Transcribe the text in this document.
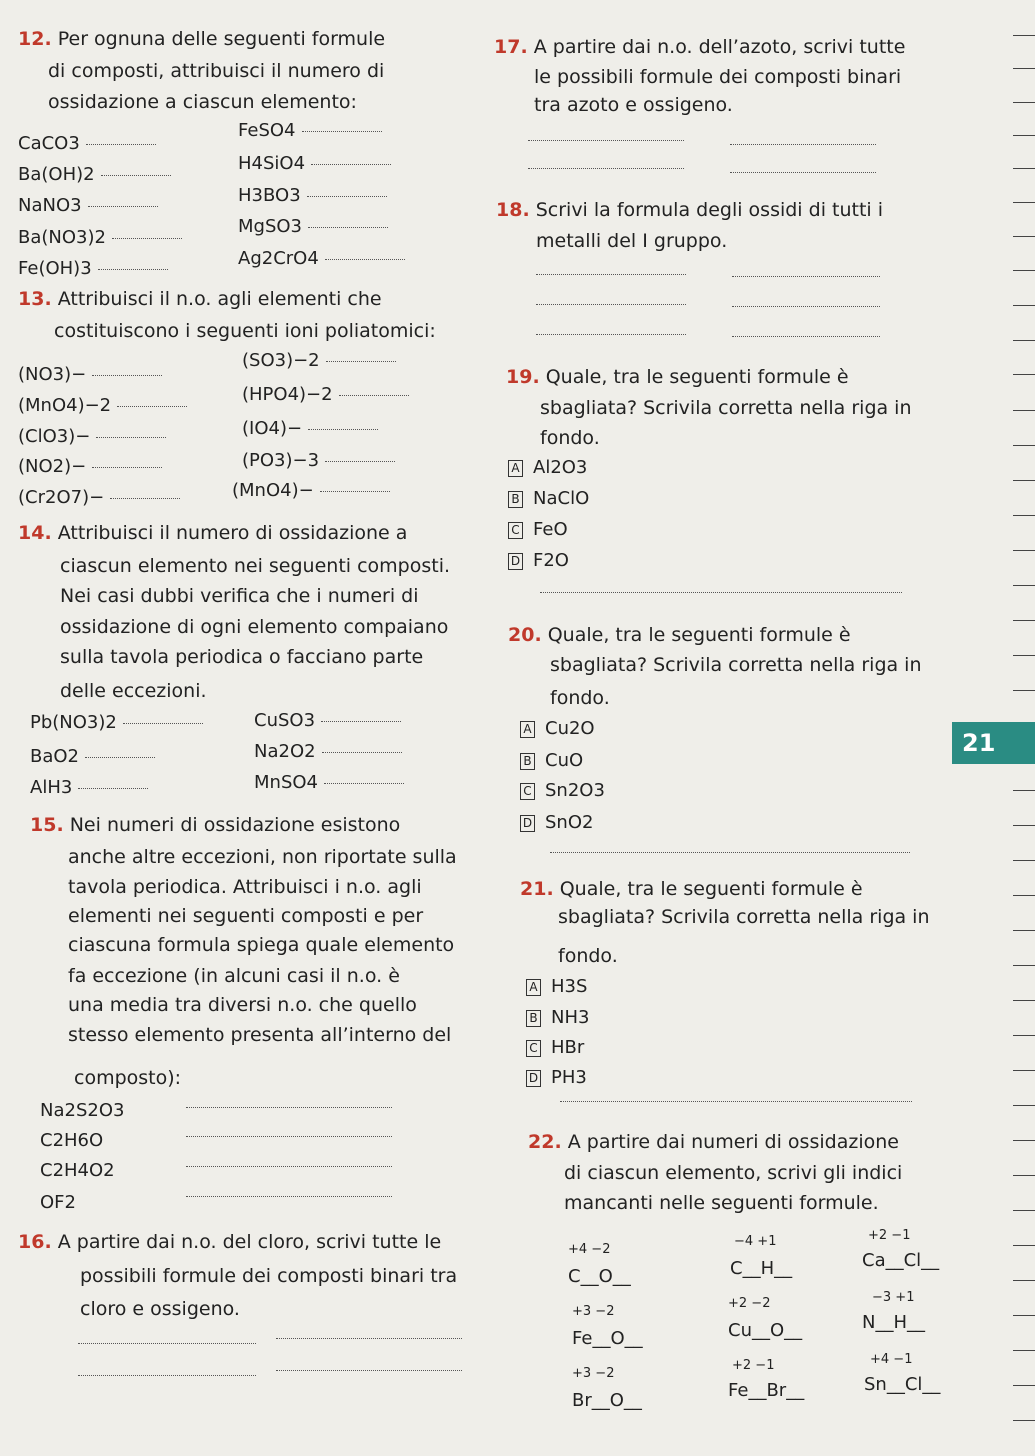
21
12. Per ognuna delle seguenti formule
di composti, attribuisci il numero di
ossidazione a ciascun elemento:
CaCO3
Ba(OH)2
NaNO3
Ba(NO3)2
Fe(OH)3
FeSO4
H4SiO4
H3BO3
MgSO3
Ag2CrO4
13. Attribuisci il n.o. agli elementi che
costituiscono i seguenti ioni poliatomici:
(NO3)−
(MnO4)−2
(ClO3)−
(NO2)−
(Cr2O7)−
(SO3)−2
(HPO4)−2
(IO4)−
(PO3)−3
(MnO4)−
14. Attribuisci il numero di ossidazione a
ciascun elemento nei seguenti composti.
Nei casi dubbi verifica che i numeri di
ossidazione di ogni elemento compaiano
sulla tavola periodica o facciano parte
delle eccezioni.
Pb(NO3)2
BaO2
AlH3
CuSO3
Na2O2
MnSO4
15. Nei numeri di ossidazione esistono
anche altre eccezioni, non riportate sulla
tavola periodica. Attribuisci i n.o. agli
elementi nei seguenti composti e per
ciascuna formula spiega quale elemento
fa eccezione (in alcuni casi il n.o. è
una media tra diversi n.o. che quello
stesso elemento presenta all’interno del
composto):
Na2S2O3
C2H6O
C2H4O2
OF2
16. A partire dai n.o. del cloro, scrivi tutte le
possibili formule dei composti binari tra
cloro e ossigeno.
17. A partire dai n.o. dell’azoto, scrivi tutte
le possibili formule dei composti binari
tra azoto e ossigeno.
18. Scrivi la formula degli ossidi di tutti i
metalli del I gruppo.
19. Quale, tra le seguenti formule è
sbagliata? Scrivila corretta nella riga in
fondo.
A Al2O3
B NaClO
C FeO
D F2O
20. Quale, tra le seguenti formule è
sbagliata? Scrivila corretta nella riga in
fondo.
A Cu2O
B CuO
C Sn2O3
D SnO2
21. Quale, tra le seguenti formule è
sbagliata? Scrivila corretta nella riga in
fondo.
A H3S
B NH3
C HBr
D PH3
22. A partire dai numeri di ossidazione
di ciascun elemento, scrivi gli indici
mancanti nelle seguenti formule.
+4 −2
C__O__
−4 +1
C__H__
+2 −1
Ca__Cl__
+3 −2
Fe__O__
+2 −2
Cu__O__
−3 +1
N__H__
+3 −2
Br__O__
+2 −1
Fe__Br__
+4 −1
Sn__Cl__
